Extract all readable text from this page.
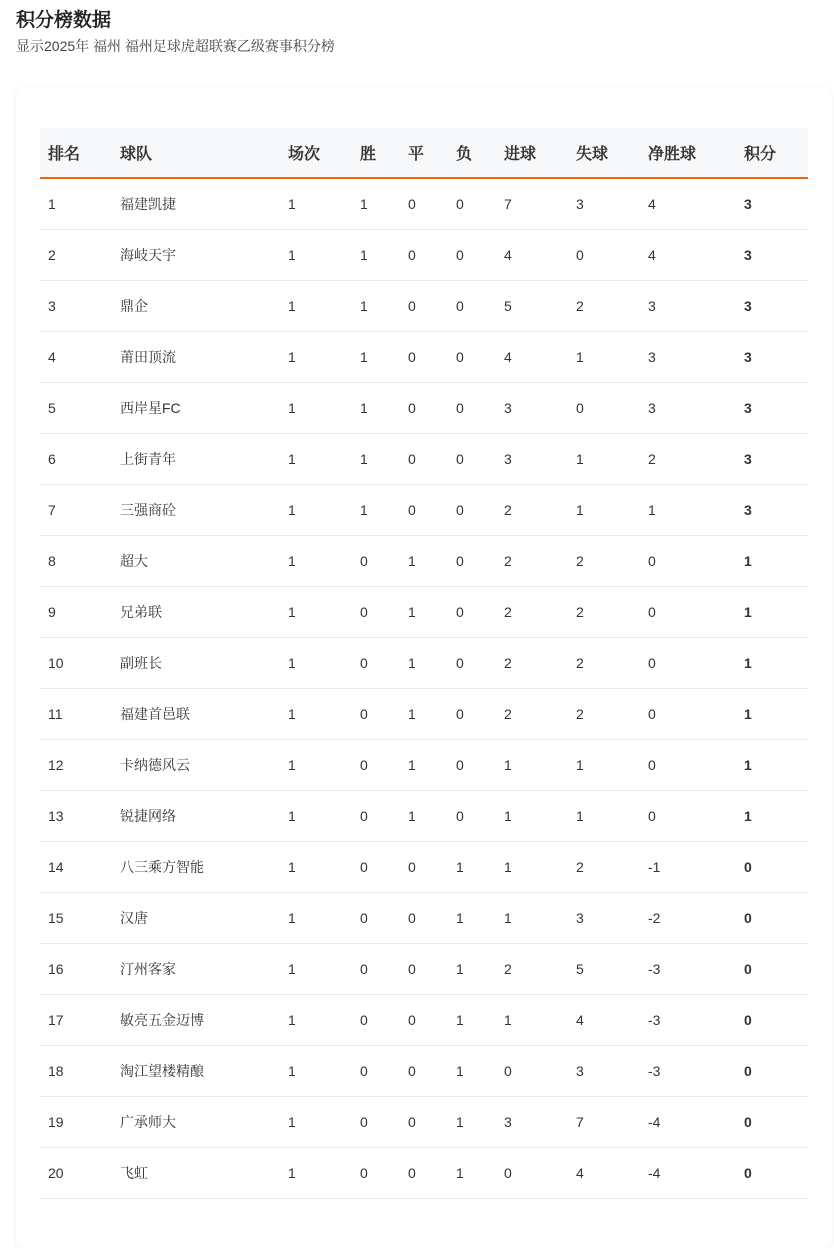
积分榜数据

显示2025年 福州 福州足球虎超联赛乙级赛事积分榜

排名	球队	场次	胜	平	负	进球	失球	净胜球	积分
1	福建凯捷	1	1	0	0	7	3	4	3
2	海岐天宇	1	1	0	0	4	0	4	3
3	鼎企	1	1	0	0	5	2	3	3
4	莆田顶流	1	1	0	0	4	1	3	3
5	西岸星FC	1	1	0	0	3	0	3	3
6	上街青年	1	1	0	0	3	1	2	3
7	三强商砼	1	1	0	0	2	1	1	3
8	超大	1	0	1	0	2	2	0	1
9	兄弟联	1	0	1	0	2	2	0	1
10	副班长	1	0	1	0	2	2	0	1
11	福建首邑联	1	0	1	0	2	2	0	1
12	卡纳德风云	1	0	1	0	1	1	0	1
13	锐捷网络	1	0	1	0	1	1	0	1
14	八三乘方智能	1	0	0	1	1	2	-1	0
15	汉唐	1	0	0	1	1	3	-2	0
16	汀州客家	1	0	0	1	2	5	-3	0
17	敏亮五金迈博	1	0	0	1	1	4	-3	0
18	淘江望楼精酿	1	0	0	1	0	3	-3	0
19	广承师大	1	0	0	1	3	7	-4	0
20	飞虹	1	0	0	1	0	4	-4	0
